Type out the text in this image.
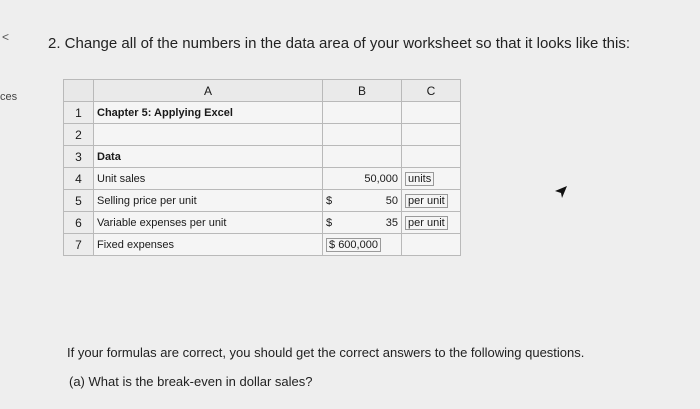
<
ces
2. Change all of the numbers in the data area of your worksheet so that it looks like this:
	A	B	C
1	Chapter 5: Applying Excel		
2			
3	Data		
4	Unit sales	50,000	units
5	Selling price per unit	$ 50	per unit
6	Variable expenses per unit	$ 35	per unit
7	Fixed expenses	$ 600,000	
If your formulas are correct, you should get the correct answers to the following questions.
(a) What is the break-even in dollar sales?
